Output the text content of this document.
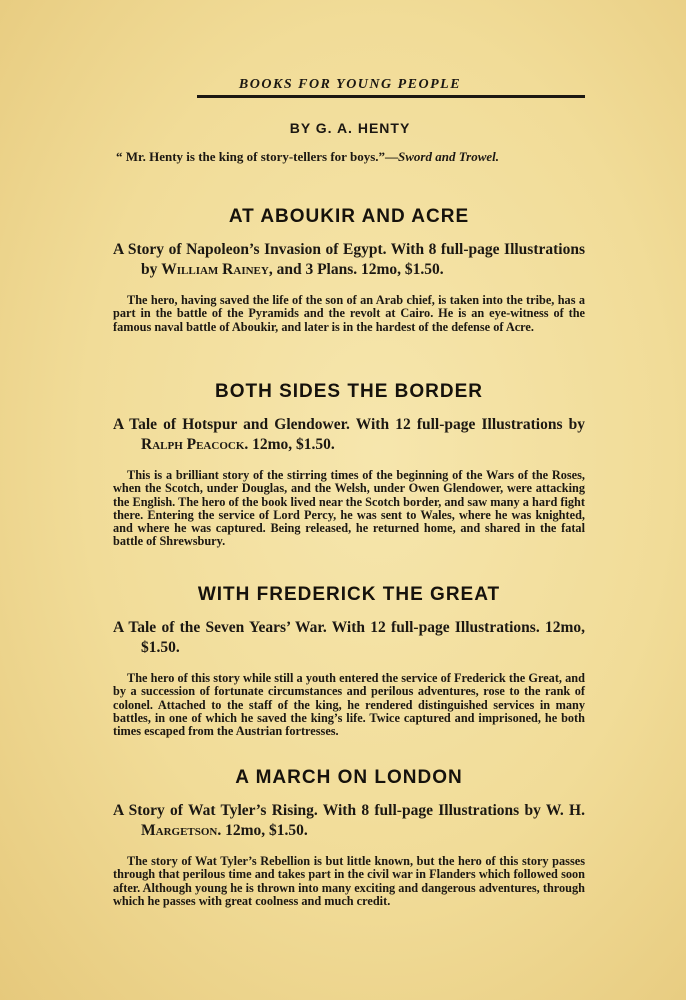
BOOKS FOR YOUNG PEOPLE
BY G. A. HENTY
“ Mr. Henty is the king of story-tellers for boys.”—Sword and Trowel.
AT ABOUKIR AND ACRE

A Story of Napoleon’s Invasion of Egypt. With 8 full-page Illustrations by William Rainey, and 3 Plans. 12mo, $1.50.

The hero, having saved the life of the son of an Arab chief, is taken into the tribe, has a part in the battle of the Pyramids and the revolt at Cairo. He is an eye-witness of the famous naval battle of Aboukir, and later is in the hardest of the defense of Acre.

BOTH SIDES THE BORDER

A Tale of Hotspur and Glendower. With 12 full-page Illustrations by Ralph Peacock. 12mo, $1.50.

This is a brilliant story of the stirring times of the beginning of the Wars of the Roses, when the Scotch, under Douglas, and the Welsh, under Owen Glendower, were attacking the English. The hero of the book lived near the Scotch border, and saw many a hard fight there. Entering the service of Lord Percy, he was sent to Wales, where he was knighted, and where he was captured. Being released, he returned home, and shared in the fatal battle of Shrewsbury.

WITH FREDERICK THE GREAT

A Tale of the Seven Years’ War. With 12 full-page Illustrations. 12mo, $1.50.

The hero of this story while still a youth entered the service of Frederick the Great, and by a succession of fortunate circumstances and perilous adventures, rose to the rank of colonel. Attached to the staff of the king, he rendered distinguished services in many battles, in one of which he saved the king’s life. Twice captured and imprisoned, he both times escaped from the Austrian fortresses.

A MARCH ON LONDON

A Story of Wat Tyler’s Rising. With 8 full-page Illustrations by W. H. Margetson. 12mo, $1.50.

The story of Wat Tyler’s Rebellion is but little known, but the hero of this story passes through that perilous time and takes part in the civil war in Flanders which followed soon after. Although young he is thrown into many exciting and dangerous adventures, through which he passes with great coolness and much credit.
